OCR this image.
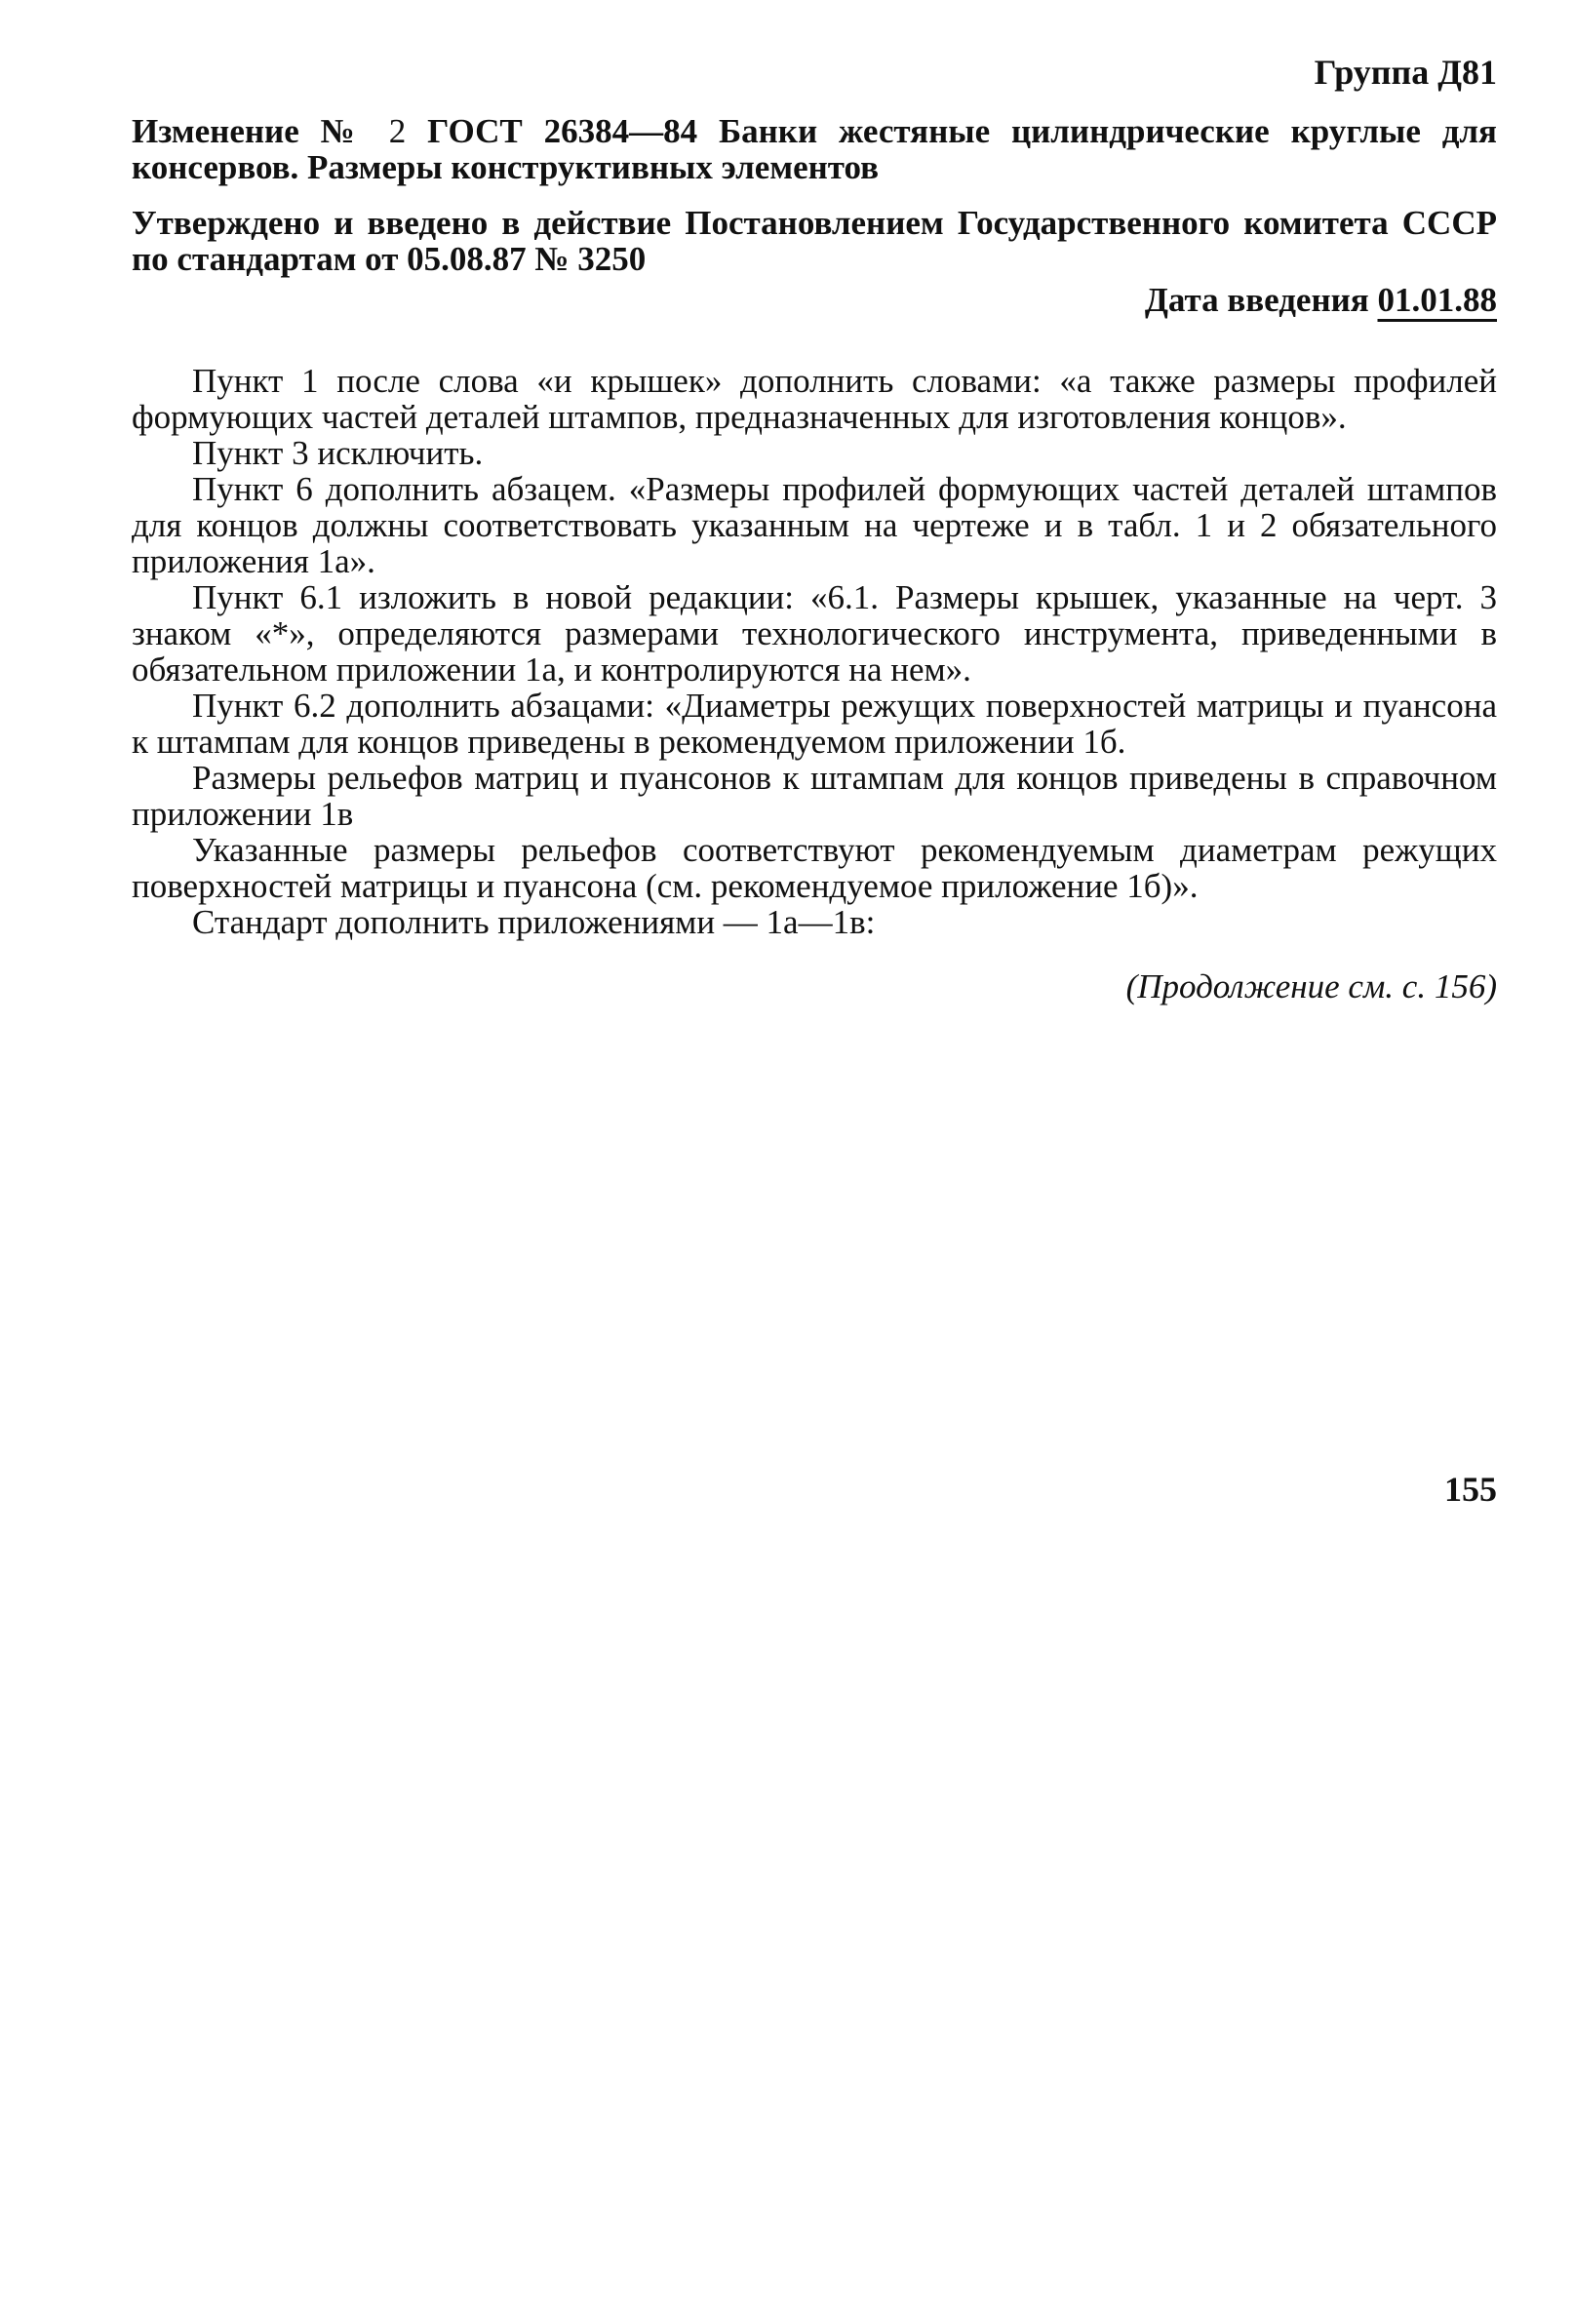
Группа Д81
Изменение № 2 ГОСТ 26384—84 Банки жестяные цилиндрические круглые для консервов. Размеры конструктивных элементов
Утверждено и введено в действие Постановлением Государственного комитета СССР по стандартам от 05.08.87 № 3250
Дата введения 01.01.88

Пункт 1 после слова «и крышек» дополнить словами: «а также размеры профилей формующих частей деталей штампов, предназначенных для изготовления концов».

Пункт 3 исключить.

Пункт 6 дополнить абзацем. «Размеры профилей формующих частей деталей штампов для концов должны соответствовать указанным на чертеже и в табл. 1 и 2 обязательного приложения 1а».

Пункт 6.1 изложить в новой редакции: «6.1. Размеры крышек, указанные на черт. 3 знаком «*», определяются размерами технологического инструмента, приведенными в обязательном приложении 1а, и контролируются на нем».

Пункт 6.2 дополнить абзацами: «Диаметры режущих поверхностей матрицы и пуансона к штампам для концов приведены в рекомендуемом приложении 1б.

Размеры рельефов матриц и пуансонов к штампам для концов приведены в справочном приложении 1в

Указанные размеры рельефов соответствуют рекомендуемым диаметрам режущих поверхностей матрицы и пуансона (см. рекомендуемое приложение 1б)».

Стандарт дополнить приложениями — 1а—1в:

(Продолжение см. с. 156)
155
